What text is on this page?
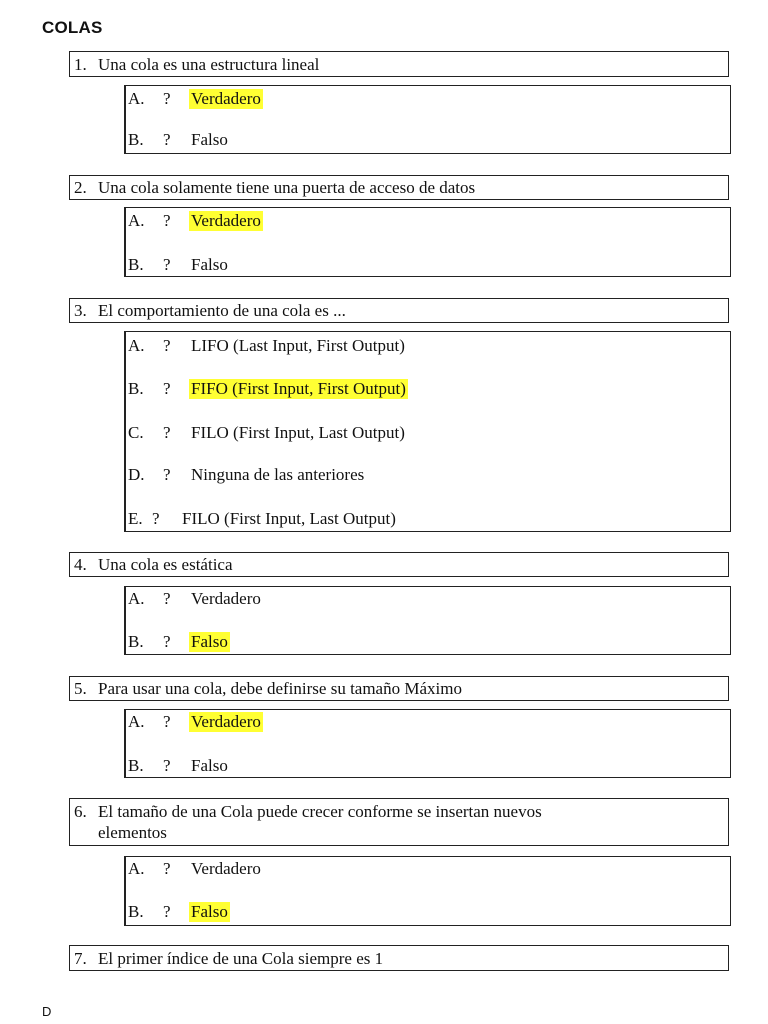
COLAS
1. Una cola es una estructura lineal
A.	?	Verdadero
B.	?	Falso
2. Una cola solamente tiene una puerta de acceso de datos
A.	?	Verdadero
B.	?	Falso
3. El comportamiento de una cola es ...
A.	?	LIFO (Last Input, First Output)
B.	?	FIFO (First Input, First Output)
C.	?	FILO (First Input, Last Output)
D.	?	Ninguna de las anteriores
E. ?	FILO (First Input, Last Output)
4. Una cola es estática
A.	?	Verdadero
B.	?	Falso
5. Para usar una cola, debe definirse su tamaño Máximo
A.	?	Verdadero
B.	?	Falso
6. El tamaño de una Cola puede crecer conforme se insertan nuevos
elementos
A.	?	Verdadero
B.	?	Falso
7. El primer índice de una Cola siempre es 1
D
